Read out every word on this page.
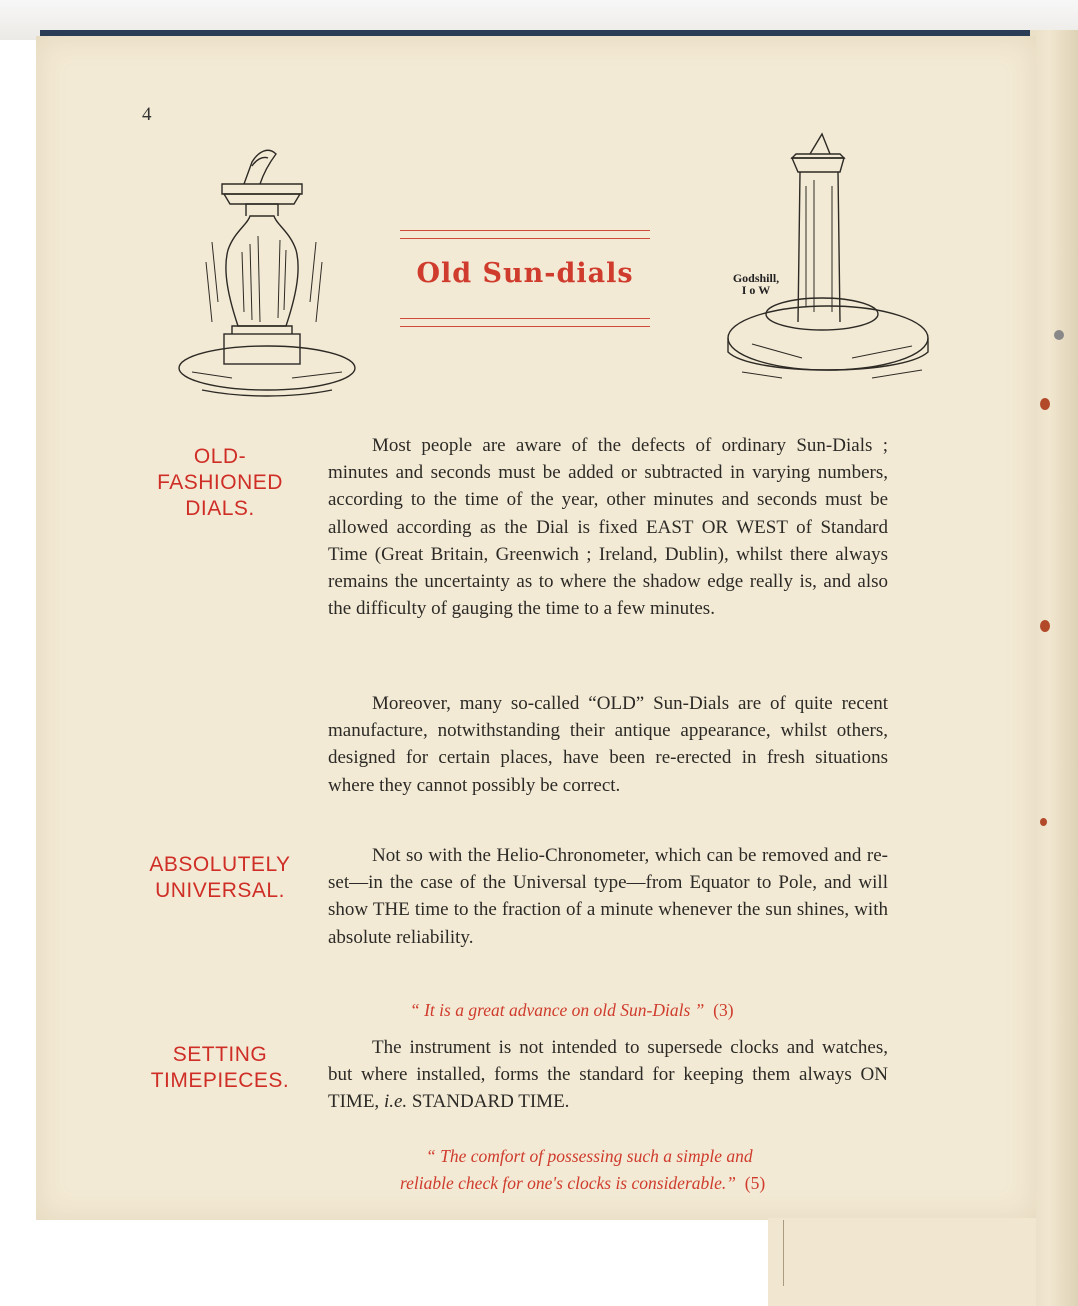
4
Old Sun-dials	Godshill,
I o W
OLD-
FASHIONED
DIALS.
ABSOLUTELY
UNIVERSAL.
SETTING
TIMEPIECES.

Most people are aware of the defects of ordinary Sun-Dials ; minutes and seconds must be added or subtracted in varying numbers, according to the time of the year, other minutes and seconds must be allowed according as the Dial is fixed EAST OR WEST of Standard Time (Great Britain, Greenwich ; Ireland, Dublin), whilst there always remains the uncertainty as to where the shadow edge really is, and also the difficulty of gauging the time to a few minutes.

Moreover, many so-called “OLD” Sun-Dials are of quite recent manufacture, notwithstanding their antique appearance, whilst others, designed for certain places, have been re-erected in fresh situations where they cannot possibly be correct.

Not so with the Helio-Chronometer, which can be removed and re-set—in the case of the Universal type—from Equator to Pole, and will show THE time to the fraction of a minute whenever the sun shines, with absolute reliability.

“ It is a great advance on old Sun-Dials ” (3)

The instrument is not intended to supersede clocks and watches, but where installed, forms the standard for keeping them always ON TIME, i.e. STANDARD TIME.

“ The comfort of possessing such a simple and
reliable check for one's clocks is considerable.” (5)
